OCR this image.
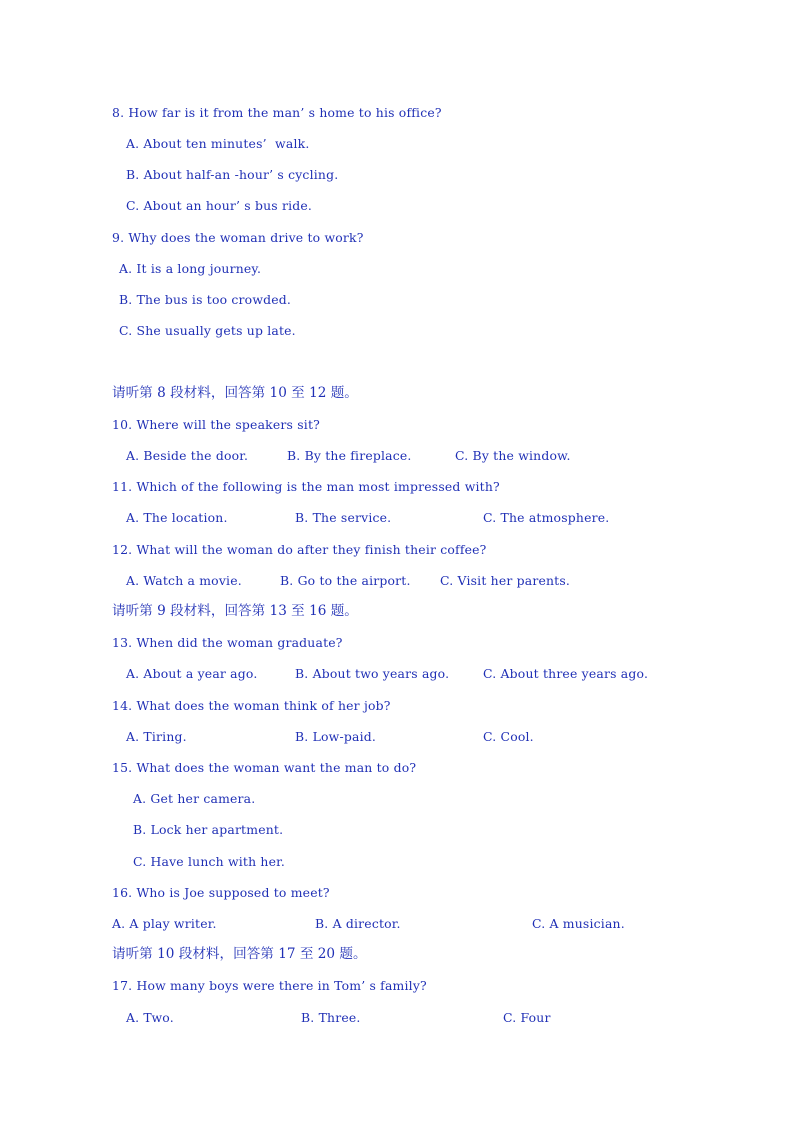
8. How far is it from the man’ s home to his office?
A. About ten minutes’  walk.
B. About half-an -hour’ s cycling.
C. About an hour’ s bus ride.
9. Why does the woman drive to work?
A. It is a long journey.
B. The bus is too crowded.
C. She usually gets up late.
请听第 8 段材料，回答第 10 至 12 题。
10. Where will the speakers sit?
A. Beside the door.	B. By the fireplace.	C. By the window.
11. Which of the following is the man most impressed with?
A. The location.	B. The service.	C. The atmosphere.
12. What will the woman do after they finish their coffee?
A. Watch a movie.	B. Go to the airport. C. Visit her parents.
请听第 9 段材料，回答第 13 至 16 题。
13. When did the woman graduate?
A. About a year ago.	B. About two years ago.	C. About three years ago.
14. What does the woman think of her job?
A. Tiring.	B. Low-paid.	C. Cool.
15. What does the woman want the man to do?
A. Get her camera.
B. Lock her apartment.
C. Have lunch with her.
16. Who is Joe supposed to meet?
A. A play writer.	B. A director.	C. A musician.
请听第 10 段材料，回答第 17 至 20 题。
17. How many boys were there in Tom’ s family?
A. Two.	B. Three.	C. Four
